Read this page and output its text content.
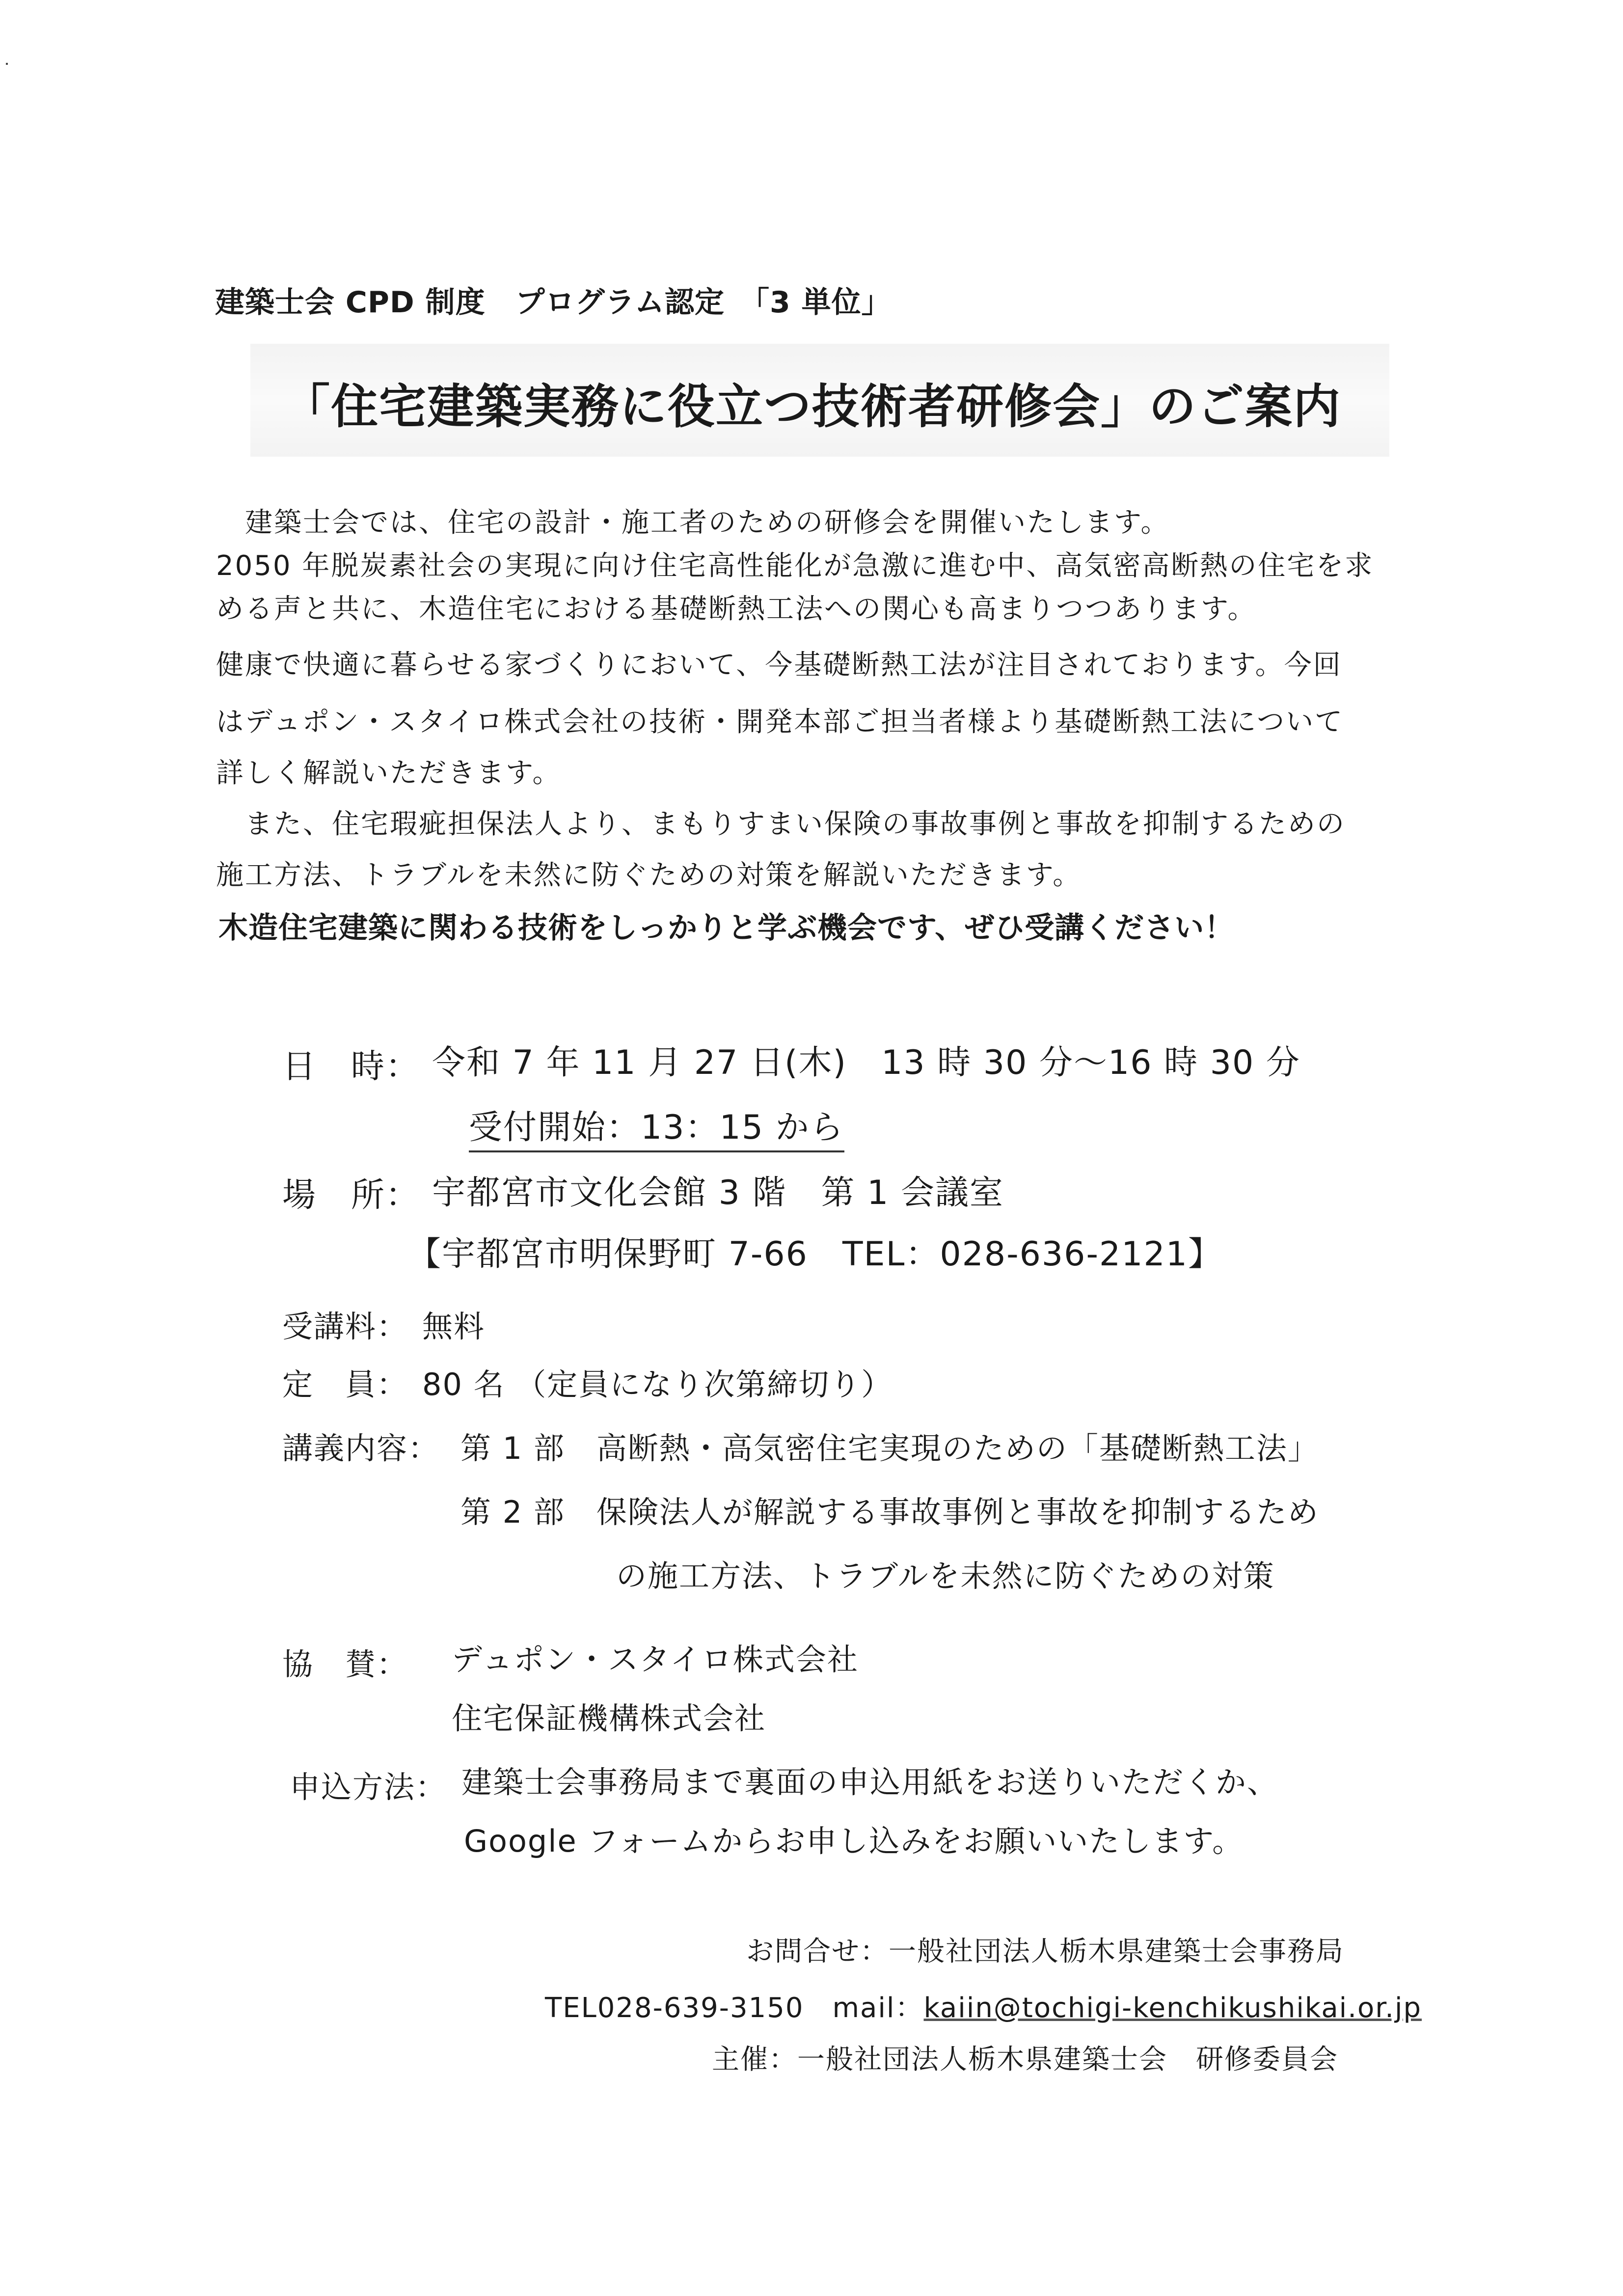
建築士会 CPD 制度　プログラム認定　「3 単位」
「住宅建築実務に役立つ技術者研修会」のご案内
　建築士会では、住宅の設計・施工者のための研修会を開催いたします。
2050 年脱炭素社会の実現に向け住宅高性能化が急激に進む中、高気密高断熱の住宅を求
める声と共に、木造住宅における基礎断熱工法への関心も高まりつつあります。
健康で快適に暮らせる家づくりにおいて、今基礎断熱工法が注目されております。今回
はデュポン・スタイロ株式会社の技術・開発本部ご担当者様より基礎断熱工法について
詳しく解説いただきます。
　また、住宅瑕疵担保法人より、まもりすまい保険の事故事例と事故を抑制するための
施工方法、トラブルを未然に防ぐための対策を解説いただきます。
木造住宅建築に関わる技術をしっかりと学ぶ機会です、ぜひ受講ください！
日　時： 令和 7 年 11 月 27 日(木)　13 時 30 分～16 時 30 分
受付開始：13：15 から
場　所： 宇都宮市文化会館 3 階　第 1 会議室
【宇都宮市明保野町 7-66　TEL：028-636-2121】
受講料： 無料
定　員： 80 名 （定員になり次第締切り）
講義内容： 第 1 部　高断熱・高気密住宅実現のための「基礎断熱工法」
第 2 部　保険法人が解説する事故事例と事故を抑制するため
の施工方法、トラブルを未然に防ぐための対策
協　賛： デュポン・スタイロ株式会社
住宅保証機構株式会社
申込方法： 建築士会事務局まで裏面の申込用紙をお送りいただくか、
Google フォームからお申し込みをお願いいたします。
お問合せ：一般社団法人栃木県建築士会事務局
TEL028-639-3150　mail：kaiin@tochigi-kenchikushikai.or.jp
主催：一般社団法人栃木県建築士会　研修委員会
